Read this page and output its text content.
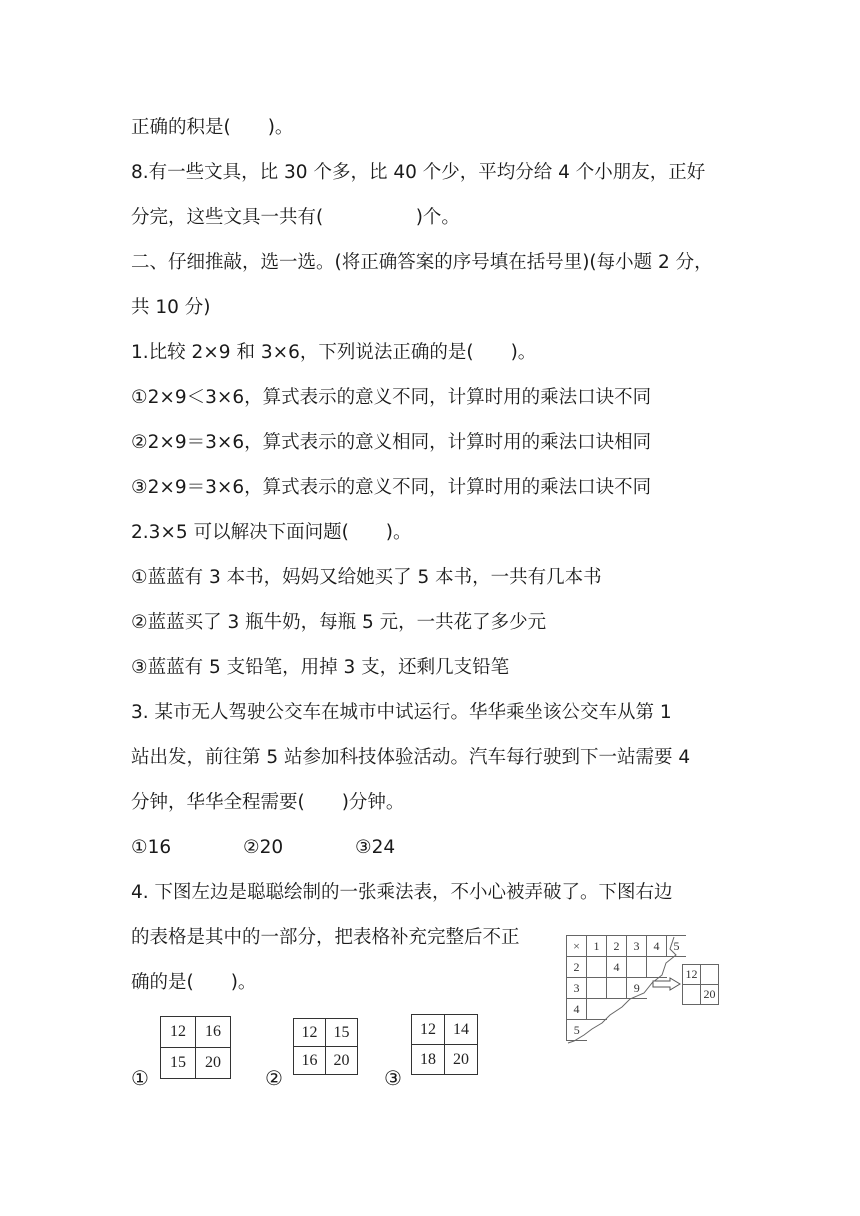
正确的积是(　　)。
8.有一些文具，比 30 个多，比 40 个少，平均分给 4 个小朋友，正好
分完，这些文具一共有(　　　　　)个。
二、仔细推敲，选一选。(将正确答案的序号填在括号里)(每小题 2 分，
共 10 分)
1.比较 2×9 和 3×6，下列说法正确的是(　　)。
①2×9＜3×6，算式表示的意义不同，计算时用的乘法口诀不同
②2×9＝3×6，算式表示的意义相同，计算时用的乘法口诀相同
③2×9＝3×6，算式表示的意义不同，计算时用的乘法口诀不同
2.3×5 可以解决下面问题(　　)。
①蓝蓝有 3 本书，妈妈又给她买了 5 本书，一共有几本书
②蓝蓝买了 3 瓶牛奶，每瓶 5 元，一共花了多少元
③蓝蓝有 5 支铅笔，用掉 3 支，还剩几支铅笔
3. 某市无人驾驶公交车在城市中试运行。华华乘坐该公交车从第 1
站出发，前往第 5 站参加科技体验活动。汽车每行驶到下一站需要 4
分钟，华华全程需要(　　)分钟。
①16	②20	③24
4. 下图左边是聪聪绘制的一张乘法表，不小心被弄破了。下图右边
的表格是其中的一部分，把表格补充完整后不正
确的是(　　)。
×	1	2	3	4	5
2		4			
3			9		
4					
5					
12	
	20
①
12	16
15	20
②
12	15
16	20
③
12	14
18	20
